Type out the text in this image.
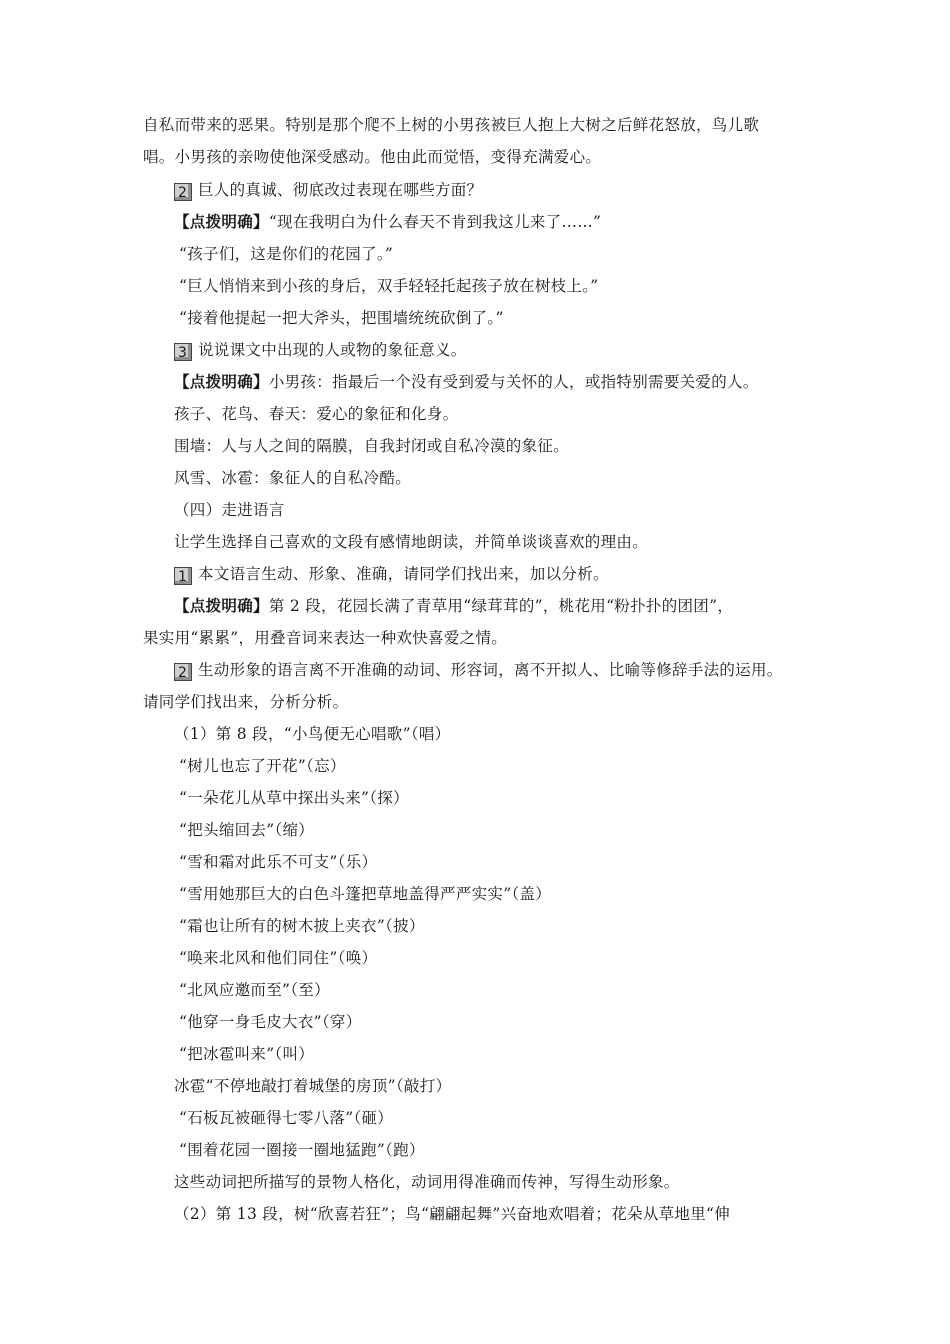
自私而带来的恶果。特别是那个爬不上树的小男孩被巨人抱上大树之后鲜花怒放，鸟儿歌
唱。小男孩的亲吻使他深受感动。他由此而觉悟，变得充满爱心。
2 巨人的真诚、彻底改过表现在哪些方面？
【点拨明确】“现在我明白为什么春天不肯到我这儿来了……”
“孩子们，这是你们的花园了。”
“巨人悄悄来到小孩的身后，双手轻轻托起孩子放在树枝上。”
“接着他提起一把大斧头，把围墙统统砍倒了。”
3 说说课文中出现的人或物的象征意义。
【点拨明确】小男孩：指最后一个没有受到爱与关怀的人，或指特别需要关爱的人。
孩子、花鸟、春天：爱心的象征和化身。
围墙：人与人之间的隔膜，自我封闭或自私冷漠的象征。
风雪、冰雹：象征人的自私冷酷。
（四）走进语言
让学生选择自己喜欢的文段有感情地朗读，并简单谈谈喜欢的理由。
1 本文语言生动、形象、准确，请同学们找出来，加以分析。
【点拨明确】第 2 段，花园长满了青草用“绿茸茸的”，桃花用“粉扑扑的团团”，
果实用“累累”，用叠音词来表达一种欢快喜爱之情。
2 生动形象的语言离不开准确的动词、形容词，离不开拟人、比喻等修辞手法的运用。
请同学们找出来，分析分析。
（1）第 8 段，“小鸟便无心唱歌”（唱）
“树儿也忘了开花”（忘）
“一朵花儿从草中探出头来”（探）
“把头缩回去”（缩）
“雪和霜对此乐不可支”（乐）
“雪用她那巨大的白色斗篷把草地盖得严严实实”（盖）
“霜也让所有的树木披上夹衣”（披）
“唤来北风和他们同住”（唤）
“北风应邀而至”（至）
“他穿一身毛皮大衣”（穿）
“把冰雹叫来”（叫）
冰雹“不停地敲打着城堡的房顶”（敲打）
“石板瓦被砸得七零八落”（砸）
“围着花园一圈接一圈地猛跑”（跑）
这些动词把所描写的景物人格化，动词用得准确而传神，写得生动形象。
（2）第 13 段，树“欣喜若狂”；鸟“翩翩起舞”兴奋地欢唱着；花朵从草地里“伸
